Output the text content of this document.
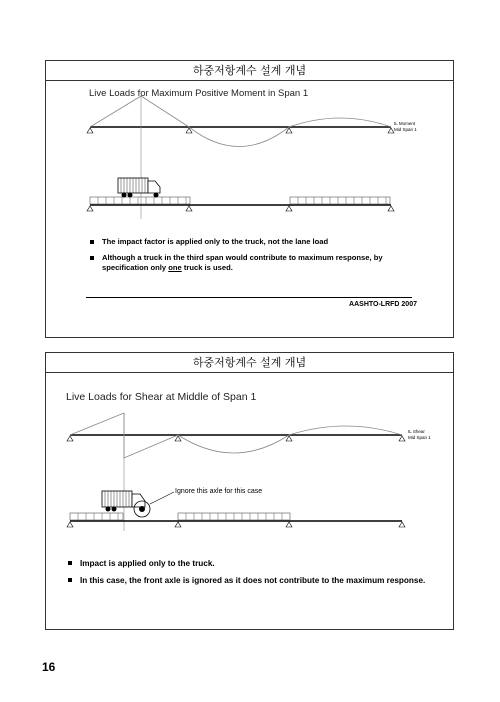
하중저항계수 설계 개념
Live Loads for Maximum Positive Moment in Span 1
IL Moment
Mid Span 1
The impact factor is applied only to the truck, not the lane load
Although a truck in the third span would contribute to maximum response, by specification only one truck is used.
AASHTO-LRFD 2007
하중저항계수 설계 개념
Live Loads for Shear at Middle of Span 1
IL Shear
Mid Span 1
Ignore this axle for this case
Impact is applied only to the truck.
In this case, the front axle is ignored as it does not contribute to the maximum response.
16
